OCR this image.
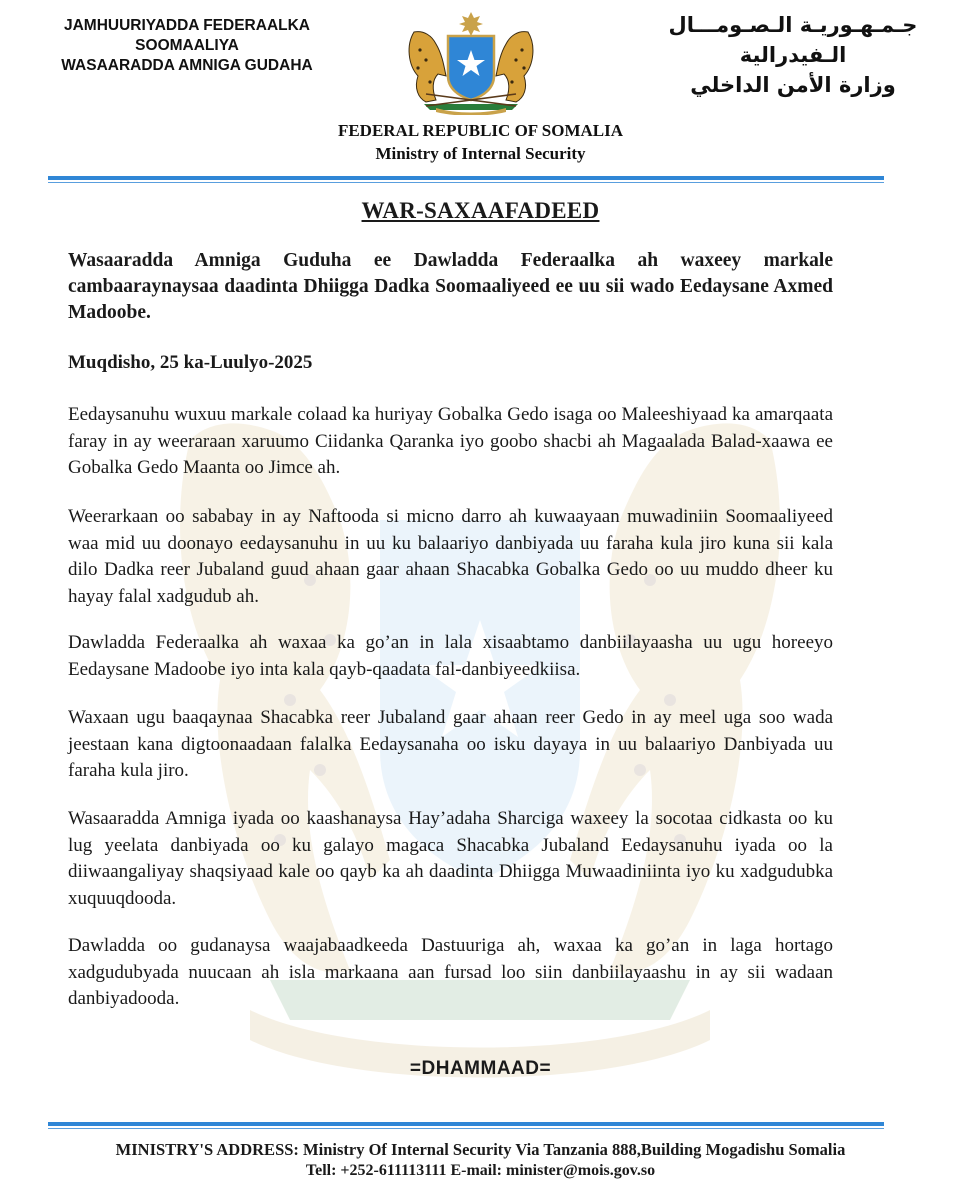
JAMHUURIYADDA FEDERAALKA
SOOMAALIYA
WASAARADDA AMNIGA GUDAHA
جـمـهـوريـة الـصـومـــال الـفيدرالية
وزارة الأمن الداخلي
FEDERAL REPUBLIC OF SOMALIA
Ministry of Internal Security
WAR-SAXAAFADEED
Wasaaradda Amniga Guduha ee Dawladda Federaalka ah waxeey markale cambaaraynaysaa daadinta Dhiigga Dadka Soomaaliyeed ee uu sii wado Eedaysane Axmed Madoobe.
Muqdisho, 25 ka-Luulyo-2025
Eedaysanuhu wuxuu markale colaad ka huriyay Gobalka Gedo isaga oo Maleeshiyaad ka amarqaata faray in ay weeraraan xaruumo Ciidanka Qaranka iyo goobo shacbi ah Magaalada Balad-xaawa ee Gobalka Gedo Maanta oo Jimce ah.
Weerarkaan oo sababay in ay Naftooda si micno darro ah kuwaayaan muwadiniin Soomaaliyeed waa mid uu doonayo eedaysanuhu in uu ku balaariyo danbiyada uu faraha kula jiro kuna sii kala dilo Dadka reer Jubaland guud ahaan gaar ahaan Shacabka Gobalka Gedo oo uu muddo dheer ku hayay falal xadgudub ah.
Dawladda Federaalka ah waxaa ka go’an in lala xisaabtamo danbiilayaasha uu ugu horeeyo Eedaysane Madoobe iyo inta kala qayb-qaadata fal-danbiyeedkiisa.
Waxaan ugu baaqaynaa Shacabka reer Jubaland gaar ahaan reer Gedo in ay meel uga soo wada jeestaan kana digtoonaadaan falalka Eedaysanaha oo isku dayaya in uu balaariyo Danbiyada uu faraha kula jiro.
Wasaaradda Amniga iyada oo kaashanaysa Hay’adaha Sharciga waxeey la socotaa cidkasta oo ku lug yeelata danbiyada oo ku galayo magaca Shacabka Jubaland Eedaysanuhu iyada oo la diiwaangaliyay shaqsiyaad kale oo qayb ka ah daadinta Dhiigga Muwaadiniinta iyo ku xadgudubka xuquuqdooda.
Dawladda oo gudanaysa waajabaadkeeda Dastuuriga ah, waxaa ka go’an in laga hortago xadgudubyada nuucaan ah isla markaana aan fursad loo siin danbiilayaashu in ay sii wadaan danbiyadooda.
=DHAMMAAD=
MINISTRY'S ADDRESS: Ministry Of Internal Security Via Tanzania 888,Building Mogadishu Somalia
Tell: +252-611113111 E-mail: minister@mois.gov.so
